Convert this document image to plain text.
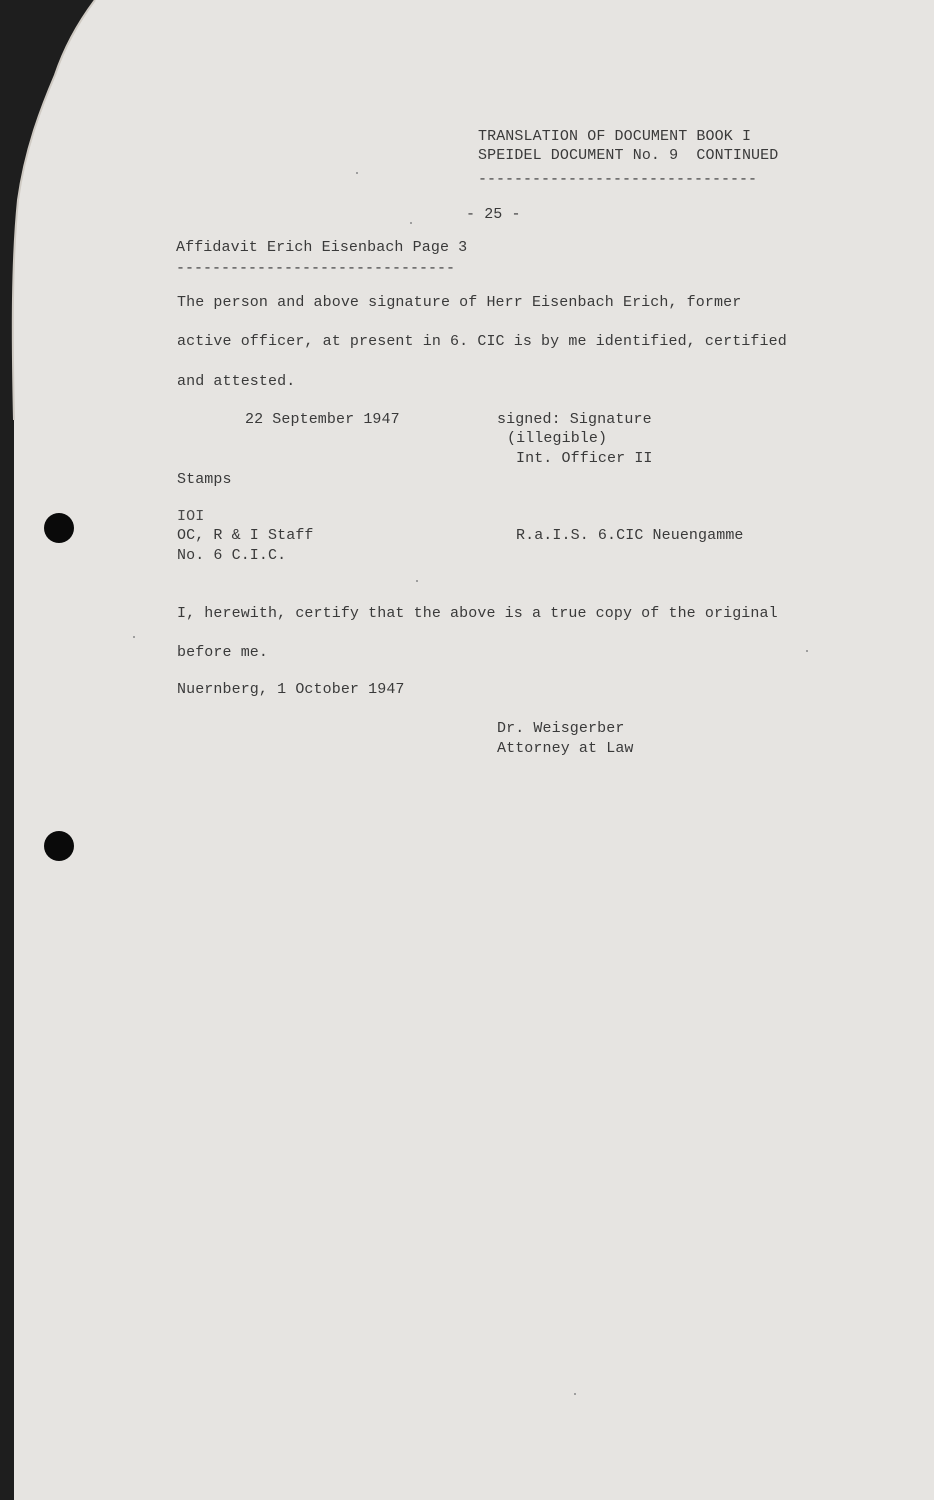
TRANSLATION OF DOCUMENT BOOK I

SPEIDEL DOCUMENT No. 9  CONTINUED

-------------------------------

- 25 -

Affidavit Erich Eisenbach Page 3

-------------------------------

The person and above signature of Herr Eisenbach Erich, former

active officer, at present in 6. CIC is by me identified, certified

and attested.

22 September 1947	signed: Signature

(illegible)

Int. Officer II

Stamps

IOI

OC, R & I Staff

No. 6 C.I.C.

R.a.I.S. 6.CIC Neuengamme

I, herewith, certify that the above is a true copy of the original

before me.

Nuernberg, 1 October 1947

Dr. Weisgerber

Attorney at Law
